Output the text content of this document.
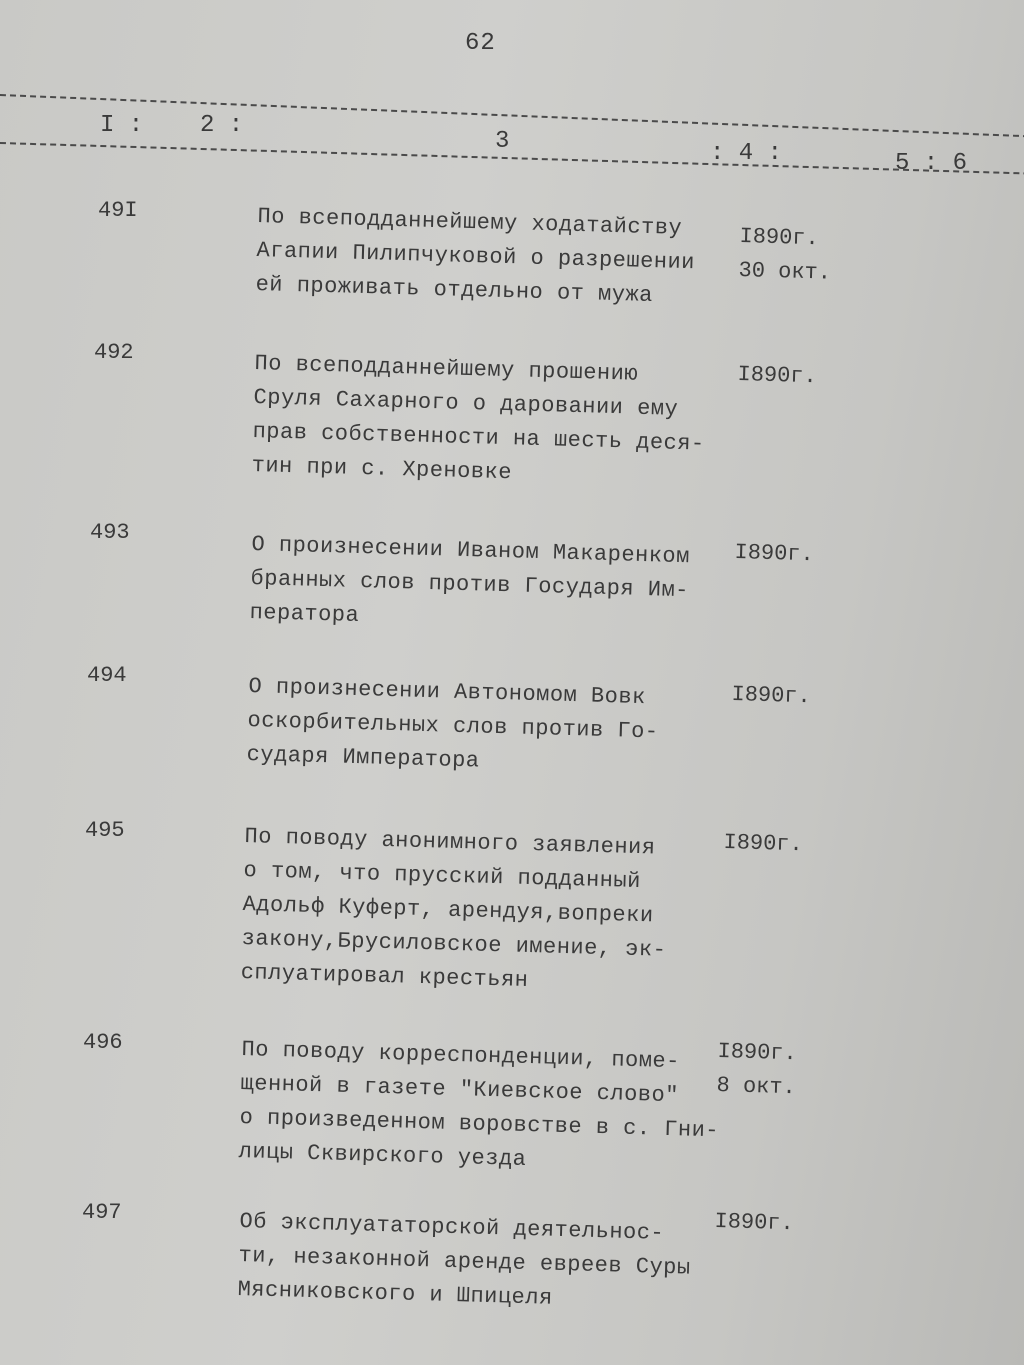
62
I : 2 :
3	: 4 :	5 : 6
49I	По всеподданнейшему ходатайству
Агапии Пилипчуковой о разрешении
ей проживать отдельно от мужа
I890г.
30 окт.
492	По всеподданнейшему прошению
Сруля Сахарного о даровании ему
прав собственности на шесть деся-
тин при с. Хреновке
I890г.
493	О произнесении Иваном Макаренком
бранных слов против Государя Им-
ператора
I890г.
494	О произнесении Автономом Вовк
оскорбительных слов против Го-
сударя Императора
I890г.
495	По поводу анонимного заявления
о том, что прусский подданный
Адольф Куферт, арендуя,вопреки
закону,Брусиловское имение, эк-
сплуатировал крестьян
I890г.
496	По поводу корреспонденции, поме-
щенной в газете "Киевское слово"
о произведенном воровстве в с. Гни-
лицы Сквирского уезда
I890г.
8 окт.
497	Об эксплуататорской деятельнос-
ти, незаконной аренде евреев Суры
Мясниковского и Шпицеля
I890г.
